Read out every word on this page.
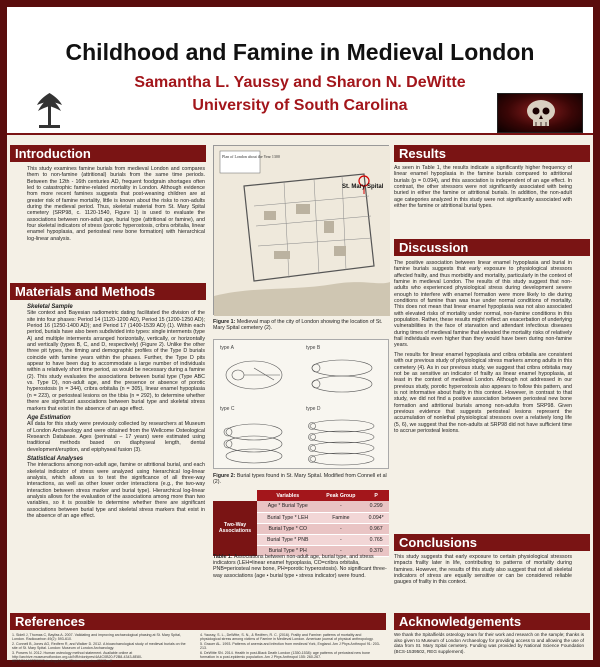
Childhood and Famine in Medieval London
Samantha L. Yaussy and Sharon N. DeWitte
University of South Carolina
Introduction

This study examines famine burials from medieval London and compares them to non-famine (attritional) burials from the same time periods. Between the 12th - 16th centuries AD, frequent foodgrain shortages often led to catastrophic famine-related mortality in London. Although evidence from more recent famines suggests that post-weaning children are at greater risk of famine mortality, little is known about the risks to non-adults during the medieval period. Thus, skeletal material from St. Mary Spital cemetery (SRP98, c. 1120-1540, Figure 1) is used to evaluate the associations between non-adult age, burial type (attritional or famine), and four skeletal indicators of stress (porotic hyperostosis, cribra orbitalia, linear enamel hypoplasia, and periosteal new bone formation) with hierarchical log-linear analysis.

Materials and Methods
Skeletal Sample

Site context and Bayesian radiometric dating facilitated the division of the site into four phases: Period 14 (1120-1200 AD), Period 15 (1200-1250 AD); Period 16 (1250-1400 AD); and Period 17 (1400-1539 AD) (1). Within each period, burials have also been subdivided into types: single interments (type A) and multiple interments arranged horizontally, vertically, or horizontally and vertically (types B, C, and D, respectively) (Figure 2). Unlike the other three pit types, the timing and demographic profiles of the Type D burials coincide with famine years within the phases. Further, the Type D pits appear to have been dug to accommodate a large number of individuals within a relatively short time period, as would be necessary during a famine (2). This study evaluates the associations between burial type (Type ABC vs. Type D), non-adult age, and the presence or absence of porotic hyperostosis (n = 344), cribra orbitalia (n = 305), linear enamel hypoplasia (n = 223), or periosteal lesions on the tibia (n = 292), to determine whether there are significant associations between burial type and skeletal stress markers that exist in the absence of an age effect.

Age Estimation

All data for this study were previously collected by researchers at Museum of London Archaeology and were obtained from the Wellcome Osteological Research Database. Ages (perinatal – 17 years) were estimated using traditional methods based on diaphyseal length, dental development/eruption, and epiphyseal fusion (3).

Statistical Analyses

The interactions among non-adult age, famine or attritional burial, and each skeletal indicator of stress were analyzed using hierarchical log-linear analysis, which allows us to test the significance of all three-way interactions, as well as other lower order interactions (e.g., the two-way interaction between stress marker and burial type). Hierarchical log-linear analysis allows for the evaluation of the associations among more than two variables, so it is possible to determine whether there are significant associations between burial type and skeletal stress markers that exist in the absence of an age effect.

Plan of London about the Year 1300
St. Mary Spital
Figure 1: Medieval map of the city of London showing the location of St. Mary Spital cemetery (2).
type A	type B
type C	type D
Figure 2: Burial types found in St. Mary Spital. Modified from Connell et al (2).
	Variables	Peak Group	P
Two-Way Associations	Age * Burial Type	-	0.299
	Burial Type * LEH	Famine	0.094*
	Burial Type * CO	-	0.967
	Burial Type * PNB	-	0.765
	Burial Type * PH	-	0.370
Table 1: Associations between non-adult age, burial type, and stress indicators (LEH=linear enamel hypoplasia, CO=cribra orbitalia, PNB=periosteal new bone, PH=porotic hyperostosis). No significant three-way associations (age • burial type • stress indicator) were found.
Results

As seen in Table 1, the results indicate a significantly higher frequency of linear enamel hypoplasia in the famine burials compared to attritional burials (p = 0.094), and this association is independent of an age effect. In contrast, the other stressors were not significantly associated with being buried in either the famine or attritional burials. In addition, the non-adult age categories analyzed in this study were not significantly associated with either the famine or attritional burial types.

Discussion

The positive association between linear enamel hypoplasia and burial in famine burials suggests that early exposure to physiological stressors affected frailty, and thus morbidity and mortality, particularly in the context of famine in medieval London. The results of this study suggest that non-adults who experienced physiological stress during development severe enough to interfere with enamel formation were more likely to die during conditions of famine than was true under normal conditions of mortality. This does not mean that linear enamel hypoplasia was not also associated with elevated risks of mortality under normal, non-famine conditions in this population. Rather, these results might reflect an exacerbation of underlying vulnerabilities in the face of starvation and attendant infectious diseases during times of medieval famine that elevated the mortality risks of relatively frail individuals even higher than they would have been during non-famine years.

The results for linear enamel hypoplasia and cribra orbitalia are consistent with our previous study of physiological stress markers among adults in this cemetery (4). As in our previous study, we suggest that cribra orbitalia may not be as sensitive an indicator of frailty as linear enamel hypoplasia, at least in the context of medieval London. Although not addressed in our previous study, porotic hyperostosis also appears to follow this pattern, and is not informative about frailty in this context. However, in contrast to that study, we did not find a positive association between periosteal new bone formation and attritional burials among non-adults from SRP98. Given previous evidence that suggests periosteal lesions represent the accumulation of nonlethal physiological stressors over a relatively long life (5, 6), we suggest that the non-adults at SRP98 did not have sufficient time to accrue periosteal lesions.

Conclusions

This study suggests that early exposure to certain physiological stressors impacts frailty later in life, contributing to patterns of mortality during famines. However, the results of this study also suggest that not all skeletal indicators of stress are equally sensitive or can be considered reliable gauges of frailty in this context.

References
1. Sidell J, Thomas C, Bayliss A. 2007. Validating and improving archaeological phasing at St. Mary Spital, London. Radiocarbon 49(2): 593-610.
2. Connell B, Jones AG, Redfern R, and Walker D. 2012. A bioarchaeological study of medieval burials on the site of St. Mary Spital. London: Museum of London Archaeology.
3. Powers N. 2012. Human osteology method statement. Available online at http://archive.museumoflondon.org.uk/NR/rdonlyres/4A4C0B20-F2B8-4343-8E80-8EF0C6A68FF8/0/OsteologyMethodStatementrevised2012.pdf
4. Yaussy, S. L., DeWitte, S. N., & Redfern, R. C. (2016). Frailty and Famine: patterns of mortality and physiological stress among victims of Famine in Medieval London. American journal of physical anthropology.
5. Grauer AL. 1993. Patterns of anemia and infection from medieval York, England. Am J Phys Anthropol 91: 203-213.
6. DeWitte SN. 2014. Health in post-Black Death London (1350-1538): age patterns of periosteal new bone formation in a post-epidemic population. Am J Phys Anthropol 155: 260-267.
Acknowledgements

We thank the Spitalfields osteology team for their work and research on the sample; thanks is also given to Museum of London Archaeology for providing access to and allowing the use of data from St. Mary Spital cemetery. Funding was provided by National Science Foundation (BCS-1539502, REG supplement).
